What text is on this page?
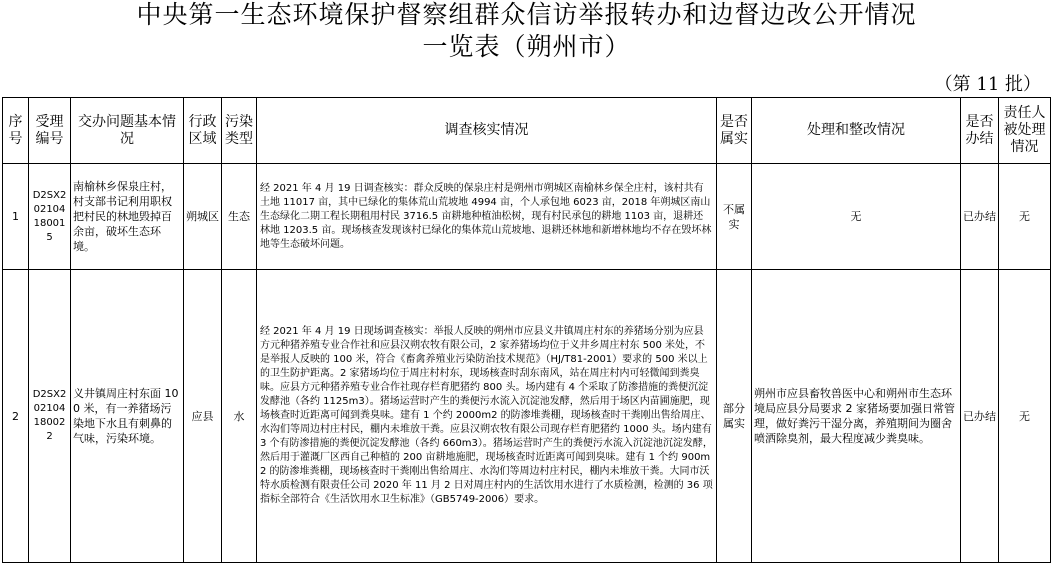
中央第一生态环境保护督察组群众信访举报转办和边督边改公开情况
一览表（朔州市）
（第 11 批）
序号	受理编号	交办问题基本情况	行政区域	污染类型	调查核实情况	是否属实	处理和整改情况	是否办结	责任人被处理情况
1	D2SX202104180015	南榆林乡保泉庄村，村支部书记利用职权把村民的林地毁掉百余亩，破坏生态环境。	朔城区	生态	经 2021 年 4 月 19 日调查核实：群众反映的保泉庄村是朔州市朔城区南榆林乡保全庄村，该村共有土地 11017 亩，其中已绿化的集体荒山荒坡地 4994 亩，个人承包地 6023 亩，2018 年朔城区南山生态绿化二期工程长期租用村民 3716.5 亩耕地种植油松树，现有村民承包的耕地 1103 亩，退耕还林地 1203.5 亩。现场核查发现该村已绿化的集体荒山荒坡地、退耕还林地和新增林地均不存在毁坏林地等生态破坏问题。	不属实	无	已办结	无
2	D2SX202104180022	义井镇周庄村东面 100 米，有一养猪场污染地下水且有刺鼻的气味，污染环境。	应县	水	经 2021 年 4 月 19 日现场调查核实：举报人反映的朔州市应县义井镇周庄村东的养猪场分别为应县方元种猪养殖专业合作社和应县汉朔农牧有限公司，2 家养猪场均位于义井乡周庄村东 500 米处，不是举报人反映的 100 米，符合《畜禽养殖业污染防治技术规范》（HJ/T81-2001）要求的 500 米以上的卫生防护距离。2 家猪场均位于周庄村村东，现场核查时刮东南风，站在周庄村内可轻微闻到粪臭味。应县方元种猪养殖专业合作社现存栏育肥猪约 800 头。场内建有 4 个采取了防渗措施的粪便沉淀发酵池（各约 1125m3）。猪场运营时产生的粪便污水流入沉淀池发酵，然后用于场区内苗圃施肥，现场核查时近距离可闻到粪臭味。建有 1 个约 2000m2 的防渗堆粪棚，现场核查时干粪刚出售给周庄、水沟们等周边村庄村民，棚内未堆放干粪。应县汉朔农牧有限公司现存栏育肥猪约 1000 头。场内建有 3 个有防渗措施的粪便沉淀发酵池（各约 660m3）。猪场运营时产生的粪便污水流入沉淀池沉淀发酵，然后用于灌溉厂区西自己种植的 200 亩耕地施肥，现场核查时近距离可闻到臭味。建有 1 个约 900m2 的防渗堆粪棚，现场核查时干粪刚出售给周庄、水沟们等周边村庄村民，棚内未堆放干粪。大同市沃特水质检测有限责任公司 2020 年 11 月 2 日对周庄村内的生活饮用水进行了水质检测，检测的 36 项指标全部符合《生活饮用水卫生标准》（GB5749-2006）要求。	部分属实	朔州市应县畜牧兽医中心和朔州市生态环境局应县分局要求 2 家猪场要加强日常管理，做好粪污干湿分离，养殖期间为圈舍喷洒除臭剂，最大程度减少粪臭味。	已办结	无
